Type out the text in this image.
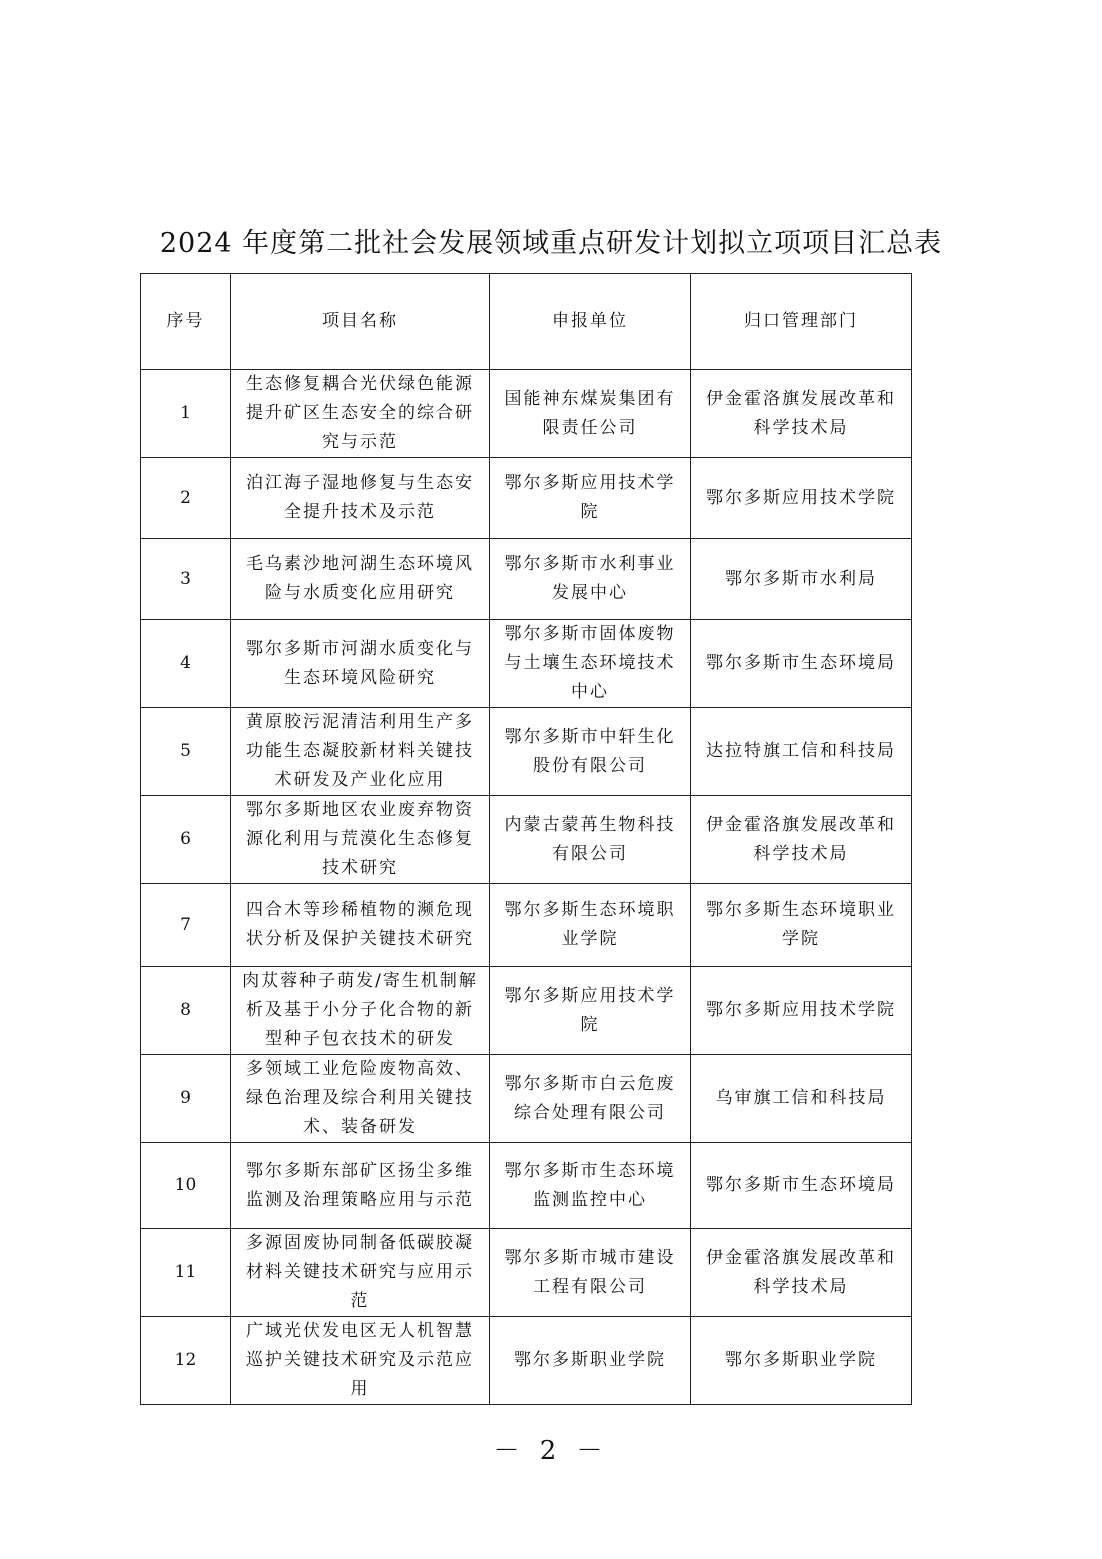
2024 年度第二批社会发展领域重点研发计划拟立项项目汇总表
序号	项目名称	申报单位	归口管理部门
1	生态修复耦合光伏绿色能源提升矿区生态安全的综合研究与示范	国能神东煤炭集团有限责任公司	伊金霍洛旗发展改革和科学技术局
2	泊江海子湿地修复与生态安全提升技术及示范	鄂尔多斯应用技术学院	鄂尔多斯应用技术学院
3	毛乌素沙地河湖生态环境风险与水质变化应用研究	鄂尔多斯市水利事业发展中心	鄂尔多斯市水利局
4	鄂尔多斯市河湖水质变化与生态环境风险研究	鄂尔多斯市固体废物与土壤生态环境技术中心	鄂尔多斯市生态环境局
5	黄原胶污泥清洁利用生产多功能生态凝胶新材料关键技术研发及产业化应用	鄂尔多斯市中轩生化股份有限公司	达拉特旗工信和科技局
6	鄂尔多斯地区农业废弃物资源化利用与荒漠化生态修复技术研究	内蒙古蒙苒生物科技有限公司	伊金霍洛旗发展改革和科学技术局
7	四合木等珍稀植物的濒危现状分析及保护关键技术研究	鄂尔多斯生态环境职业学院	鄂尔多斯生态环境职业学院
8	肉苁蓉种子萌发/寄生机制解析及基于小分子化合物的新型种子包衣技术的研发	鄂尔多斯应用技术学院	鄂尔多斯应用技术学院
9	多领域工业危险废物高效、绿色治理及综合利用关键技术、装备研发	鄂尔多斯市白云危废综合处理有限公司	乌审旗工信和科技局
10	鄂尔多斯东部矿区扬尘多维监测及治理策略应用与示范	鄂尔多斯市生态环境监测监控中心	鄂尔多斯市生态环境局
11	多源固废协同制备低碳胶凝材料关键技术研究与应用示范	鄂尔多斯市城市建设工程有限公司	伊金霍洛旗发展改革和科学技术局
12	广域光伏发电区无人机智慧巡护关键技术研究及示范应用	鄂尔多斯职业学院	鄂尔多斯职业学院
－ 2 －
